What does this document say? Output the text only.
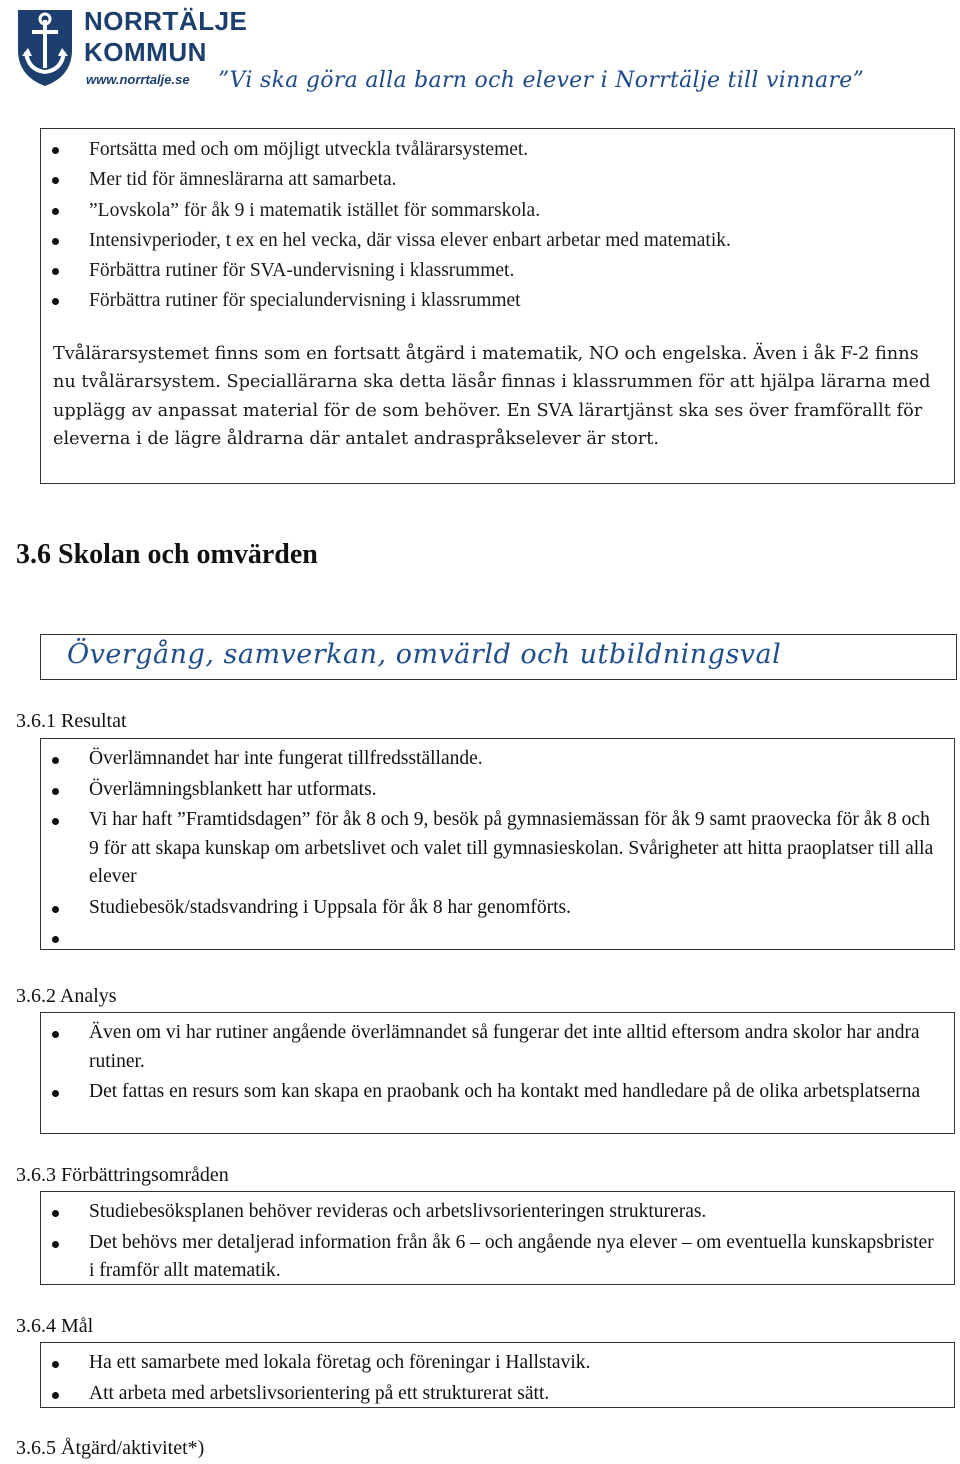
NORRTÄLJE
KOMMUN
www.norrtalje.se ”Vi ska göra alla barn och elever i Norrtälje till vinnare”
Fortsätta med och om möjligt utveckla tvålärarsystemet.
Mer tid för ämneslärarna att samarbeta.
”Lovskola” för åk 9 i matematik istället för sommarskola.
Intensivperioder, t ex en hel vecka, där vissa elever enbart arbetar med matematik.
Förbättra rutiner för SVA-undervisning i klassrummet.
Förbättra rutiner för specialundervisning i klassrummet
Tvålärarsystemet finns som en fortsatt åtgärd i matematik, NO och engelska. Även i åk F-2 finns nu tvålärarsystem. Speciallärarna ska detta läsår finnas i klassrummen för att hjälpa lärarna med upplägg av anpassat material för de som behöver. En SVA lärartjänst ska ses över framförallt för eleverna i de lägre åldrarna där antalet andraspråkselever är stort.
3.6 Skolan och omvärden
Övergång, samverkan, omvärld och utbildningsval
3.6.1 Resultat
Överlämnandet har inte fungerat tillfredsställande.
Överlämningsblankett har utformats.
Vi har haft ”Framtidsdagen” för åk 8 och 9, besök på gymnasiemässan för åk 9 samt praovecka för åk 8 och 9 för att skapa kunskap om arbetslivet och valet till gymnasieskolan. Svårigheter att hitta praoplatser till alla elever
Studiebesök/stadsvandring i Uppsala för åk 8 har genomförts.
3.6.2 Analys
Även om vi har rutiner angående överlämnandet så fungerar det inte alltid eftersom andra skolor har andra rutiner.
Det fattas en resurs som kan skapa en praobank och ha kontakt med handledare på de olika arbetsplatserna
3.6.3 Förbättringsområden
Studiebesöksplanen behöver revideras och arbetslivsorienteringen struktureras.
Det behövs mer detaljerad information från åk 6 – och angående nya elever – om eventuella kunskapsbrister i framför allt matematik.
3.6.4 Mål
Ha ett samarbete med lokala företag och föreningar i Hallstavik.
Att arbeta med arbetslivsorientering på ett strukturerat sätt.
3.6.5 Åtgärd/aktivitet*)
